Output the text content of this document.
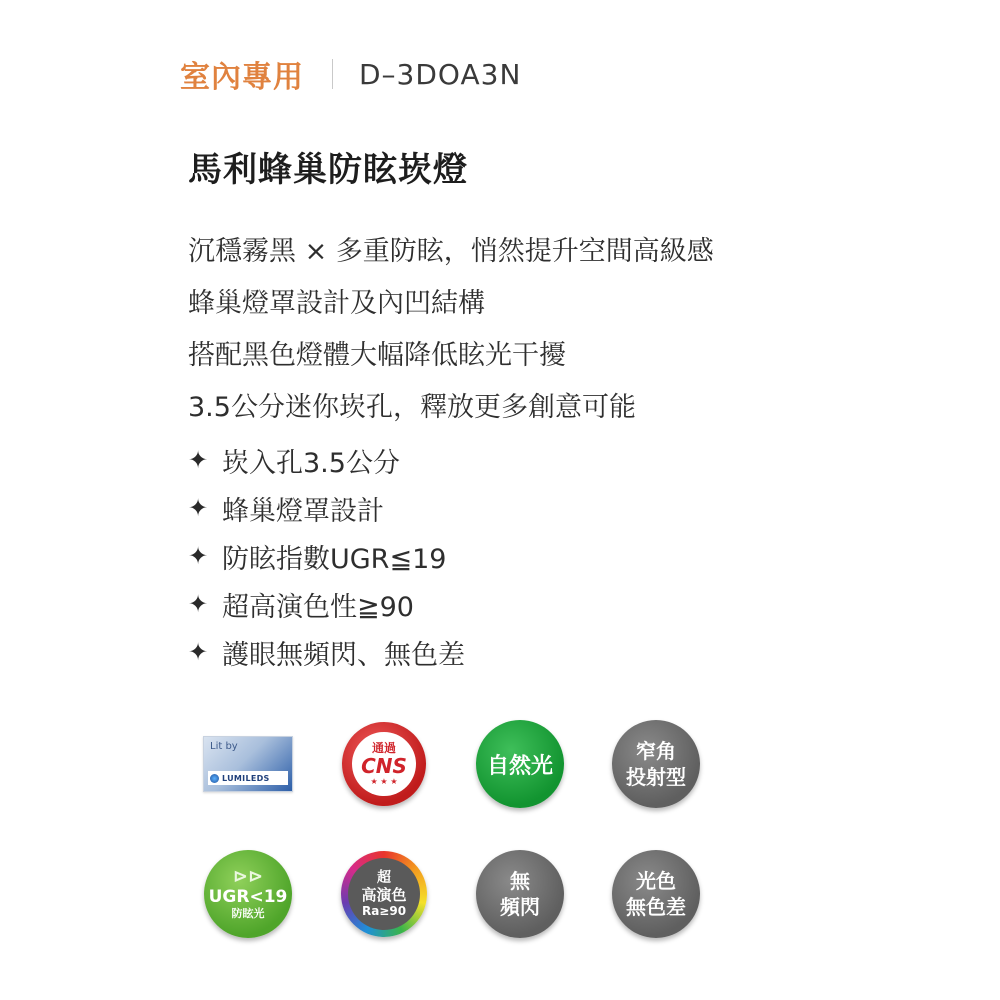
室內專用 D–3DOA3N
馬利蜂巢防眩崁燈
沉穩霧黑 × 多重防眩，悄然提升空間高級感
蜂巢燈罩設計及內凹結構
搭配黑色燈體大幅降低眩光干擾
3.5公分迷你崁孔，釋放更多創意可能
✦ 崁入孔3.5公分
✦ 蜂巢燈罩設計
✦ 防眩指數UGR≦19
✦ 超高演色性≧90
✦ 護眼無頻閃、無色差
Lit by
LUMILEDS
通過
CNS
★ ★ ★
自然光
窄角
投射型
⊳⊳
UGR<19
防眩光
超
高演色
Ra≥90
無
頻閃
光色
無色差
